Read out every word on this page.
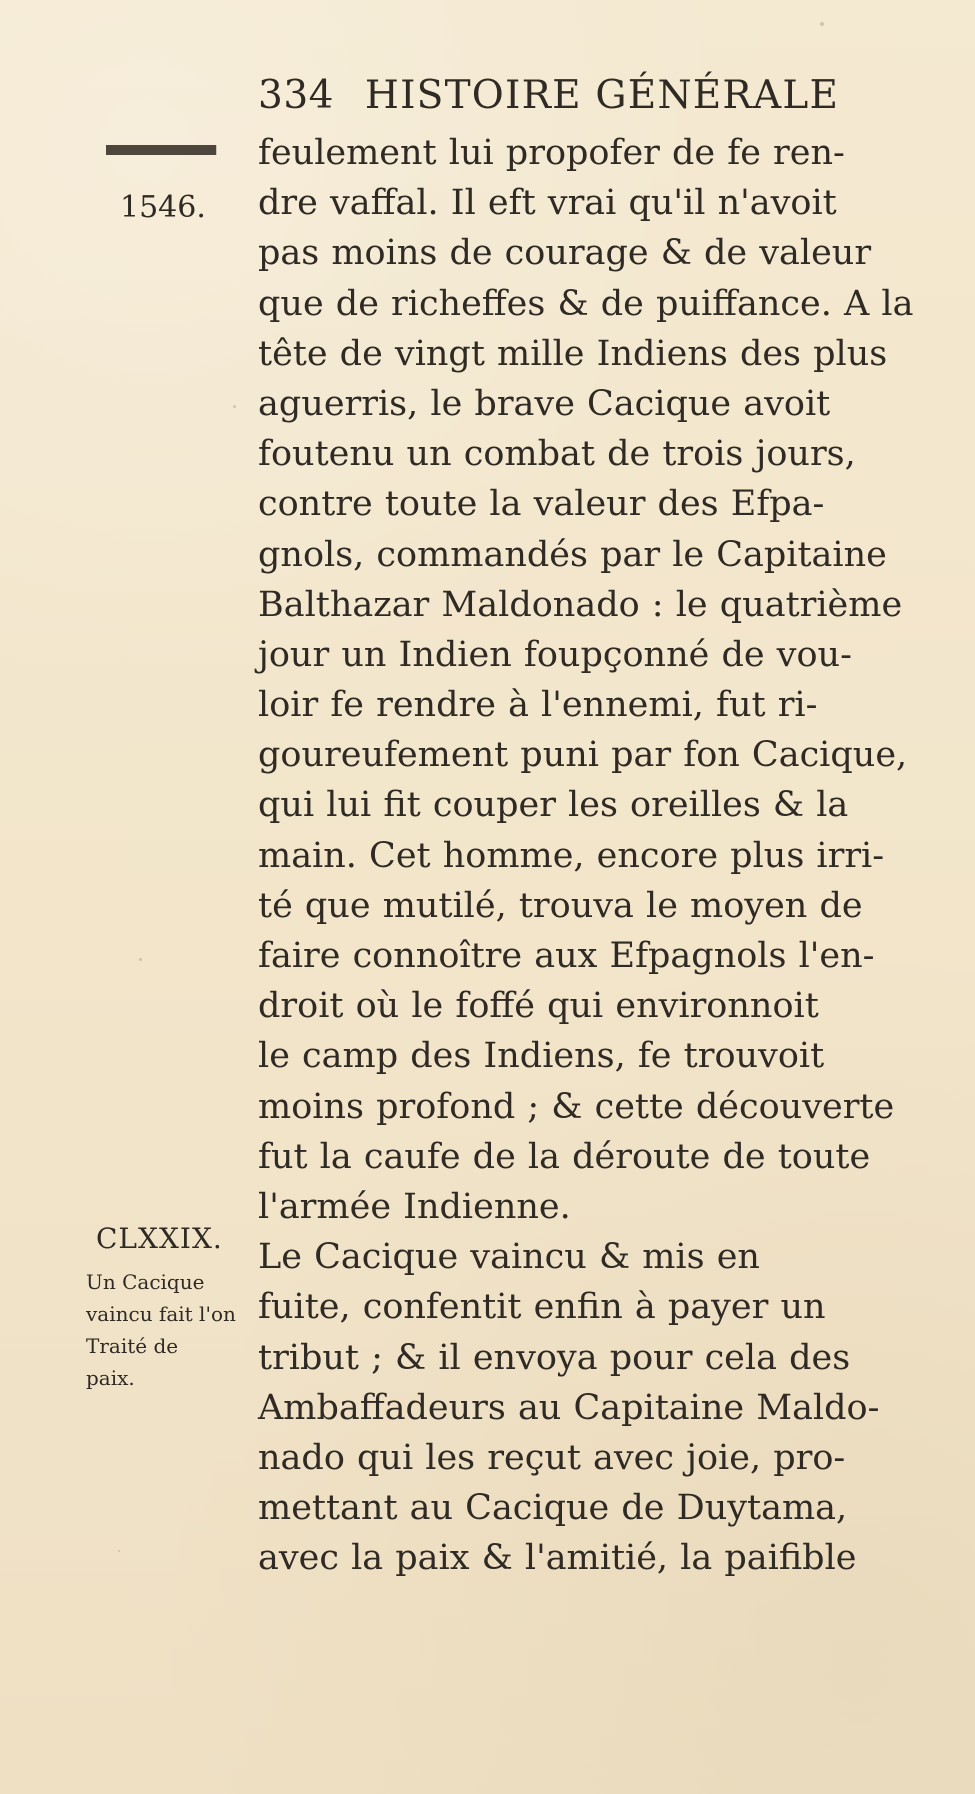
334 HISTOIRE GÉNÉRALE
1546.
feulement lui propofer de fe ren-
dre vaffal. Il eft vrai qu'il n'avoit
pas moins de courage & de valeur
que de richeffes & de puiffance. A la
tête de vingt mille Indiens des plus
aguerris, le brave Cacique avoit
foutenu un combat de trois jours,
contre toute la valeur des Efpa-
gnols, commandés par le Capitaine
Balthazar Maldonado : le quatrième
jour un Indien foupçonné de vou-
loir fe rendre à l'ennemi, fut ri-
goureufement puni par fon Cacique,
qui lui fit couper les oreilles & la
main. Cet homme, encore plus irri-
té que mutilé, trouva le moyen de
faire connoître aux Efpagnols l'en-
droit où le foffé qui environnoit
le camp des Indiens, fe trouvoit
moins profond ; & cette découverte
fut la caufe de la déroute de toute
l'armée Indienne.
Le Cacique vaincu & mis en
fuite, confentit enfin à payer un
tribut ; & il envoya pour cela des
Ambaffadeurs au Capitaine Maldo-
nado qui les reçut avec joie, pro-
mettant au Cacique de Duytama,
avec la paix & l'amitié, la paifible
CLXXIX.
Un Cacique
vaincu fait l'on
Traité de
paix.
